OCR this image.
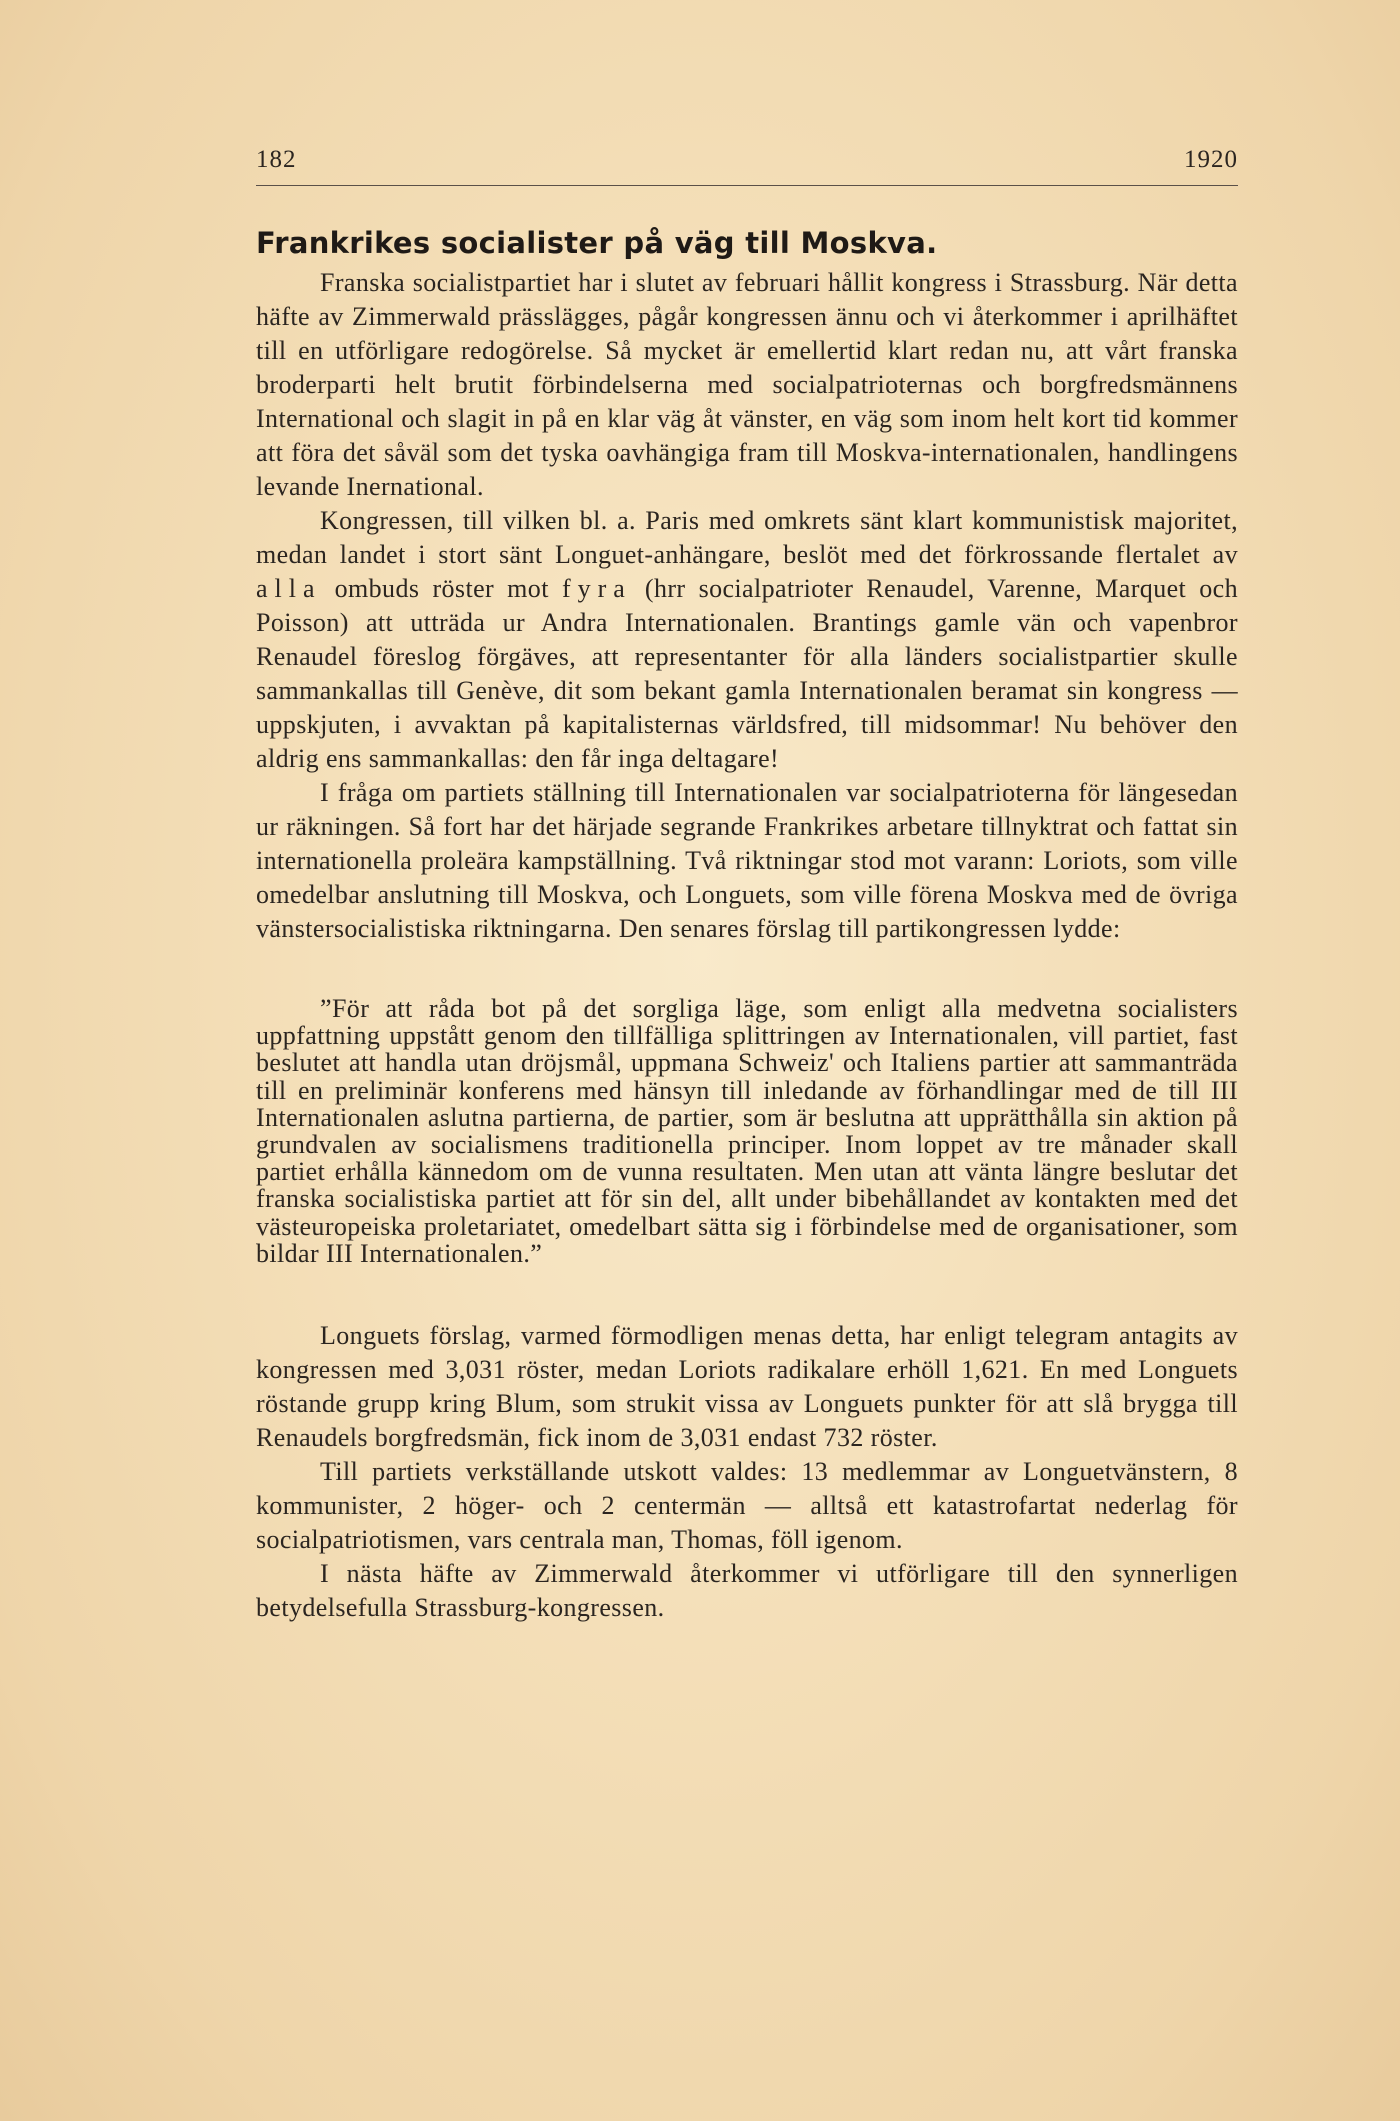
182	1920
Frankrikes socialister på väg till Moskva.

Franska socialistpartiet har i slutet av februari hållit kongress i Strassburg. När detta häfte av Zimmerwald prässlägges, pågår kongressen ännu och vi återkommer i aprilhäftet till en utförligare redogörelse. Så mycket är emellertid klart redan nu, att vårt franska broderparti helt brutit förbindelserna med socialpatrioternas och borgfredsmännens International och slagit in på en klar väg åt vänster, en väg som inom helt kort tid kommer att föra det såväl som det tyska oavhängiga fram till Moskva-internationalen, handlingens levande Inernational.

Kongressen, till vilken bl. a. Paris med omkrets sänt klart kommunistisk majoritet, medan landet i stort sänt Longuet-anhängare, beslöt med det förkrossande flertalet av alla ombuds röster mot fyra (hrr socialpatrioter Renaudel, Varenne, Marquet och Poisson) att utträda ur Andra Internationalen. Brantings gamle vän och vapenbror Renaudel föreslog förgäves, att representanter för alla länders socialistpartier skulle sammankallas till Genève, dit som bekant gamla Internationalen beramat sin kongress — uppskjuten, i avvaktan på kapitalisternas världsfred, till midsommar! Nu behöver den aldrig ens sammankallas: den får inga deltagare!

I fråga om partiets ställning till Internationalen var socialpatrioterna för längesedan ur räkningen. Så fort har det härjade segrande Frankrikes arbetare tillnyktrat och fattat sin internationella proleära kampställning. Två riktningar stod mot varann: Loriots, som ville omedelbar anslutning till Moskva, och Longuets, som ville förena Moskva med de övriga vänstersocialistiska riktningarna. Den senares förslag till partikongressen lydde:

”För att råda bot på det sorgliga läge, som enligt alla medvetna socialisters uppfattning uppstått genom den tillfälliga splittringen av Internationalen, vill partiet, fast beslutet att handla utan dröjsmål, uppmana Schweiz' och Italiens partier att sammanträda till en preliminär konferens med hänsyn till inledande av förhandlingar med de till III Internationalen aslutna partierna, de partier, som är beslutna att upprätthålla sin aktion på grundvalen av socialismens traditionella principer. Inom loppet av tre månader skall partiet erhålla kännedom om de vunna resultaten. Men utan att vänta längre beslutar det franska socialistiska partiet att för sin del, allt under bibehållandet av kontakten med det västeuropeiska proletariatet, omedelbart sätta sig i förbindelse med de organisationer, som bildar III Internationalen.”

Longuets förslag, varmed förmodligen menas detta, har enligt telegram antagits av kongressen med 3,031 röster, medan Loriots radikalare erhöll 1,621. En med Longuets röstande grupp kring Blum, som strukit vissa av Longuets punkter för att slå brygga till Renaudels borgfredsmän, fick inom de 3,031 endast 732 röster.

Till partiets verkställande utskott valdes: 13 medlemmar av Longuetvänstern, 8 kommunister, 2 höger- och 2 centermän — alltså ett katastrofartat nederlag för socialpatriotismen, vars centrala man, Thomas, föll igenom.

I nästa häfte av Zimmerwald återkommer vi utförligare till den synnerligen betydelsefulla Strassburg-kongressen.
